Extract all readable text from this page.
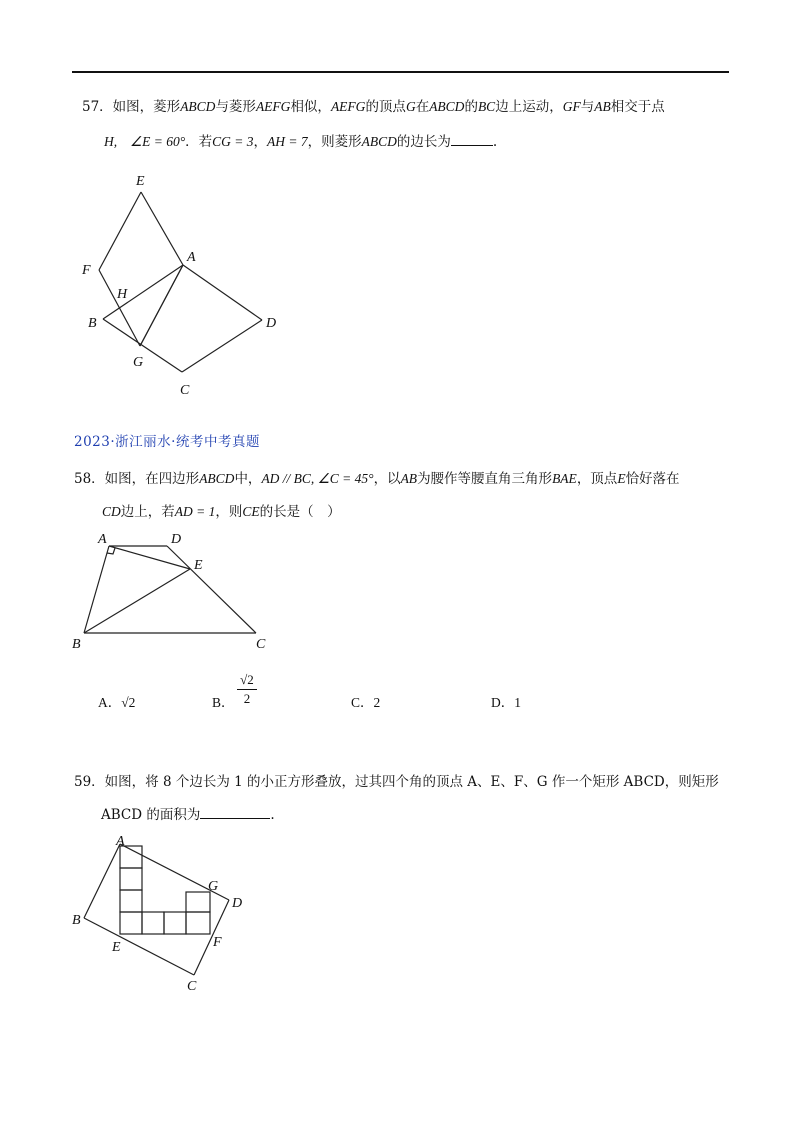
57．如图，菱形ABCD与菱形AEFG相似，AEFG的顶点G在ABCD的BC边上运动，GF与AB相交于点
H, ∠E = 60°．若CG = 3，AH = 7，则菱形ABCD的边长为	.
E
F
A
H
B	D
G
C
A	D
E
B	C
A
G
D
B
E	F
C
2023·浙江丽水·统考中考真题
58．如图，在四边形ABCD中，AD // BC, ∠C = 45°，以AB为腰作等腰直角三角形BAE，顶点E恰好落在
CD边上，若AD = 1，则CE的长是（　）
A．√2	B． $\frac{√2}{2}$	C．2	D．1
59．如图，将 8 个边长为 1 的小正方形叠放，过其四个角的顶点 A、E、F、G 作一个矩形 ABCD，则矩形
ABCD 的面积为	.
